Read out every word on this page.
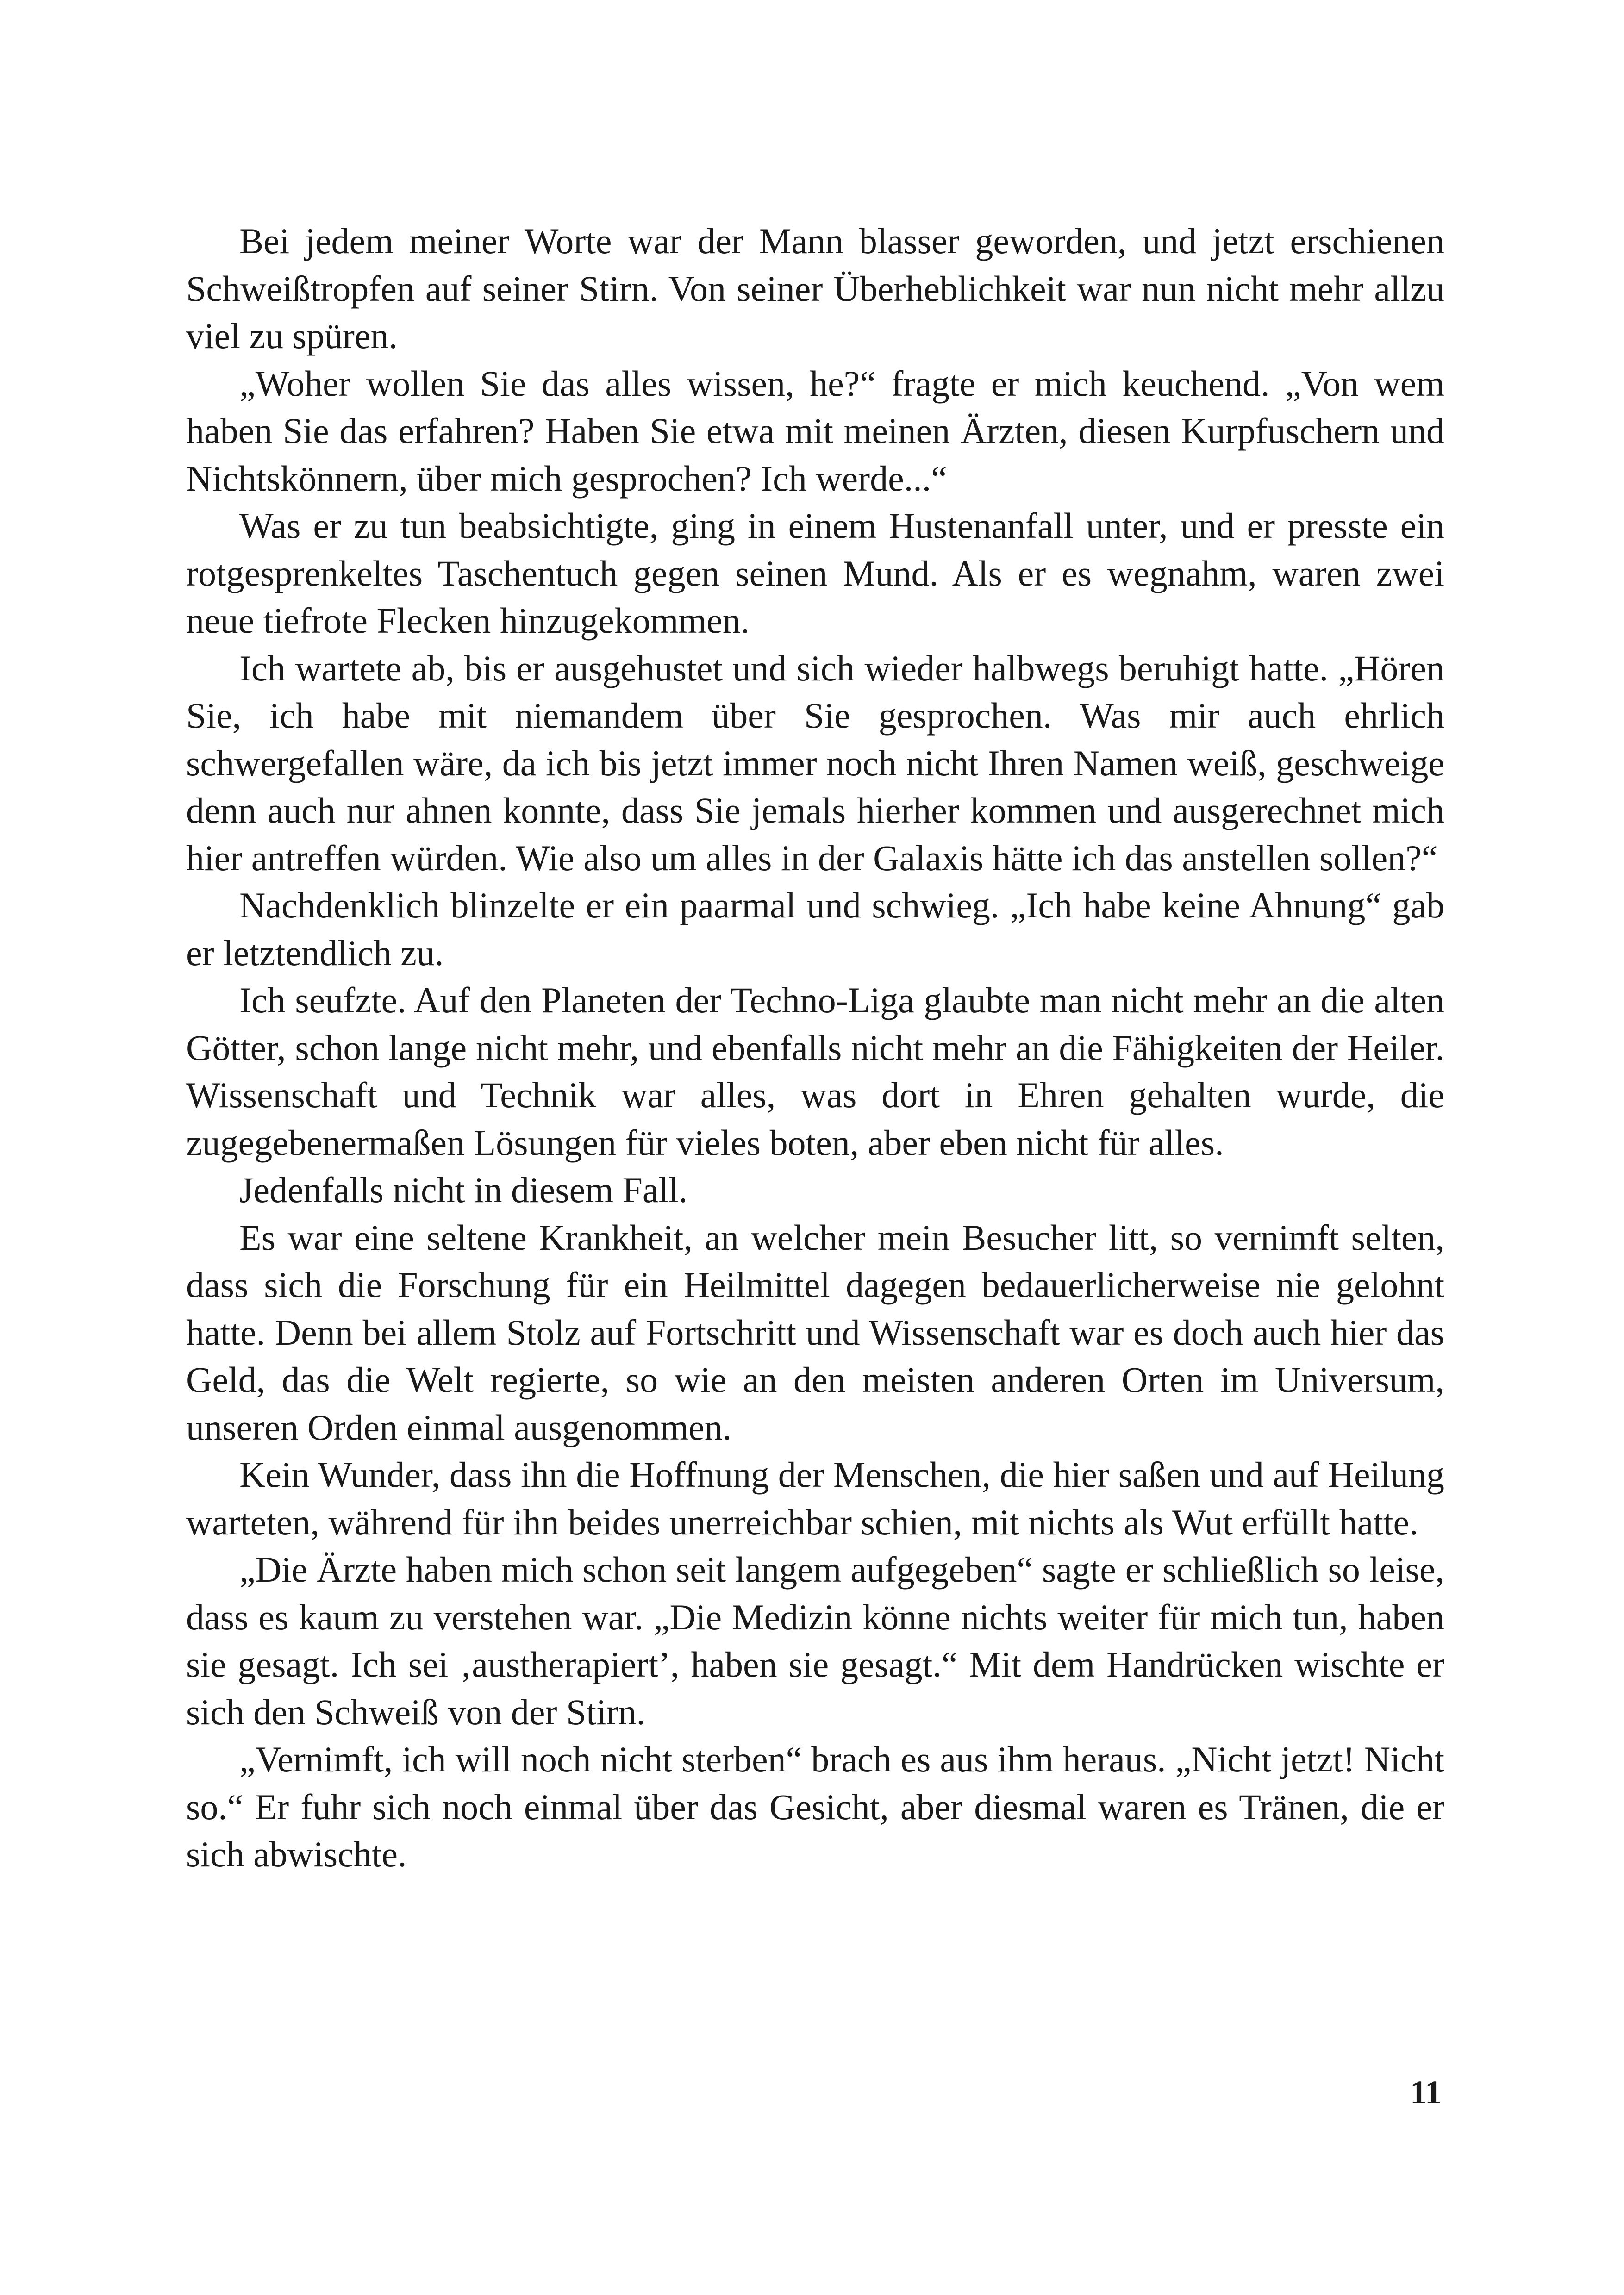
Bei jedem meiner Worte war der Mann blasser geworden, und jetzt erschienen Schweißtropfen auf seiner Stirn. Von seiner Überheblichkeit war nun nicht mehr allzu viel zu spüren.

„Woher wollen Sie das alles wissen, he?“ fragte er mich keuchend. „Von wem haben Sie das erfahren? Haben Sie etwa mit meinen Ärzten, diesen Kurpfuschern und Nichtskönnern, über mich gesprochen? Ich werde...“

Was er zu tun beabsichtigte, ging in einem Hustenanfall unter, und er presste ein rotgesprenkeltes Taschentuch gegen seinen Mund. Als er es wegnahm, waren zwei neue tiefrote Flecken hinzugekommen.

Ich wartete ab, bis er ausgehustet und sich wieder halbwegs beruhigt hatte. „Hören Sie, ich habe mit niemandem über Sie gesprochen. Was mir auch ehrlich schwergefallen wäre, da ich bis jetzt immer noch nicht Ihren Namen weiß, geschweige denn auch nur ahnen konnte, dass Sie jemals hierher kommen und ausgerechnet mich hier antreffen würden. Wie also um alles in der Galaxis hätte ich das anstellen sollen?“

Nachdenklich blinzelte er ein paarmal und schwieg. „Ich habe keine Ahnung“ gab er letztendlich zu.

Ich seufzte. Auf den Planeten der Techno-Liga glaubte man nicht mehr an die alten Götter, schon lange nicht mehr, und ebenfalls nicht mehr an die Fähigkeiten der Heiler. Wissenschaft und Technik war alles, was dort in Ehren gehalten wurde, die zugegebenermaßen Lösungen für vieles boten, aber eben nicht für alles.

Jedenfalls nicht in diesem Fall.

Es war eine seltene Krankheit, an welcher mein Besucher litt, so vernimft selten, dass sich die Forschung für ein Heilmittel dagegen bedauerlicherweise nie gelohnt hatte. Denn bei allem Stolz auf Fortschritt und Wissenschaft war es doch auch hier das Geld, das die Welt regierte, so wie an den meisten anderen Orten im Universum, unseren Orden einmal ausgenommen.

Kein Wunder, dass ihn die Hoffnung der Menschen, die hier saßen und auf Heilung warteten, während für ihn beides unerreichbar schien, mit nichts als Wut erfüllt hatte.

„Die Ärzte haben mich schon seit langem aufgegeben“ sagte er schließlich so leise, dass es kaum zu verstehen war. „Die Medizin könne nichts weiter für mich tun, haben sie gesagt. Ich sei ‚austherapiert’, haben sie gesagt.“ Mit dem Handrücken wischte er sich den Schweiß von der Stirn.

„Vernimft, ich will noch nicht sterben“ brach es aus ihm heraus. „Nicht jetzt! Nicht so.“ Er fuhr sich noch einmal über das Gesicht, aber diesmal waren es Tränen, die er sich abwischte.

11
